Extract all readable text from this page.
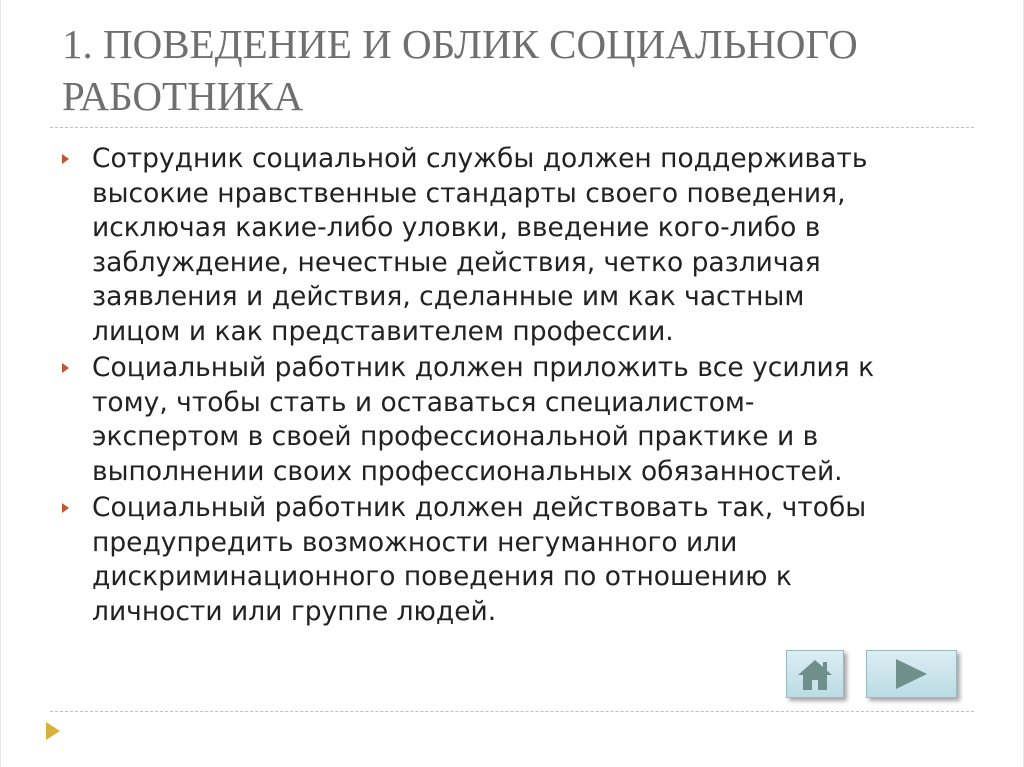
1. ПОВЕДЕНИЕ И ОБЛИК СОЦИАЛЬНОГО
РАБОТНИКА
Сотрудник социальной службы должен поддерживать
высокие нравственные стандарты своего поведения,
исключая какие-либо уловки, введение кого-либо в
заблуждение, нечестные действия, четко различая
заявления и действия, сделанные им как частным
лицом и как представителем профессии.
Социальный работник должен приложить все усилия к
тому, чтобы стать и оставаться специалистом-
экспертом в своей профессиональной практике и в
выполнении своих профессиональных обязанностей.
Социальный работник должен действовать так, чтобы
предупредить возможности негуманного или
дискриминационного поведения по отношению к
личности или группе людей.
